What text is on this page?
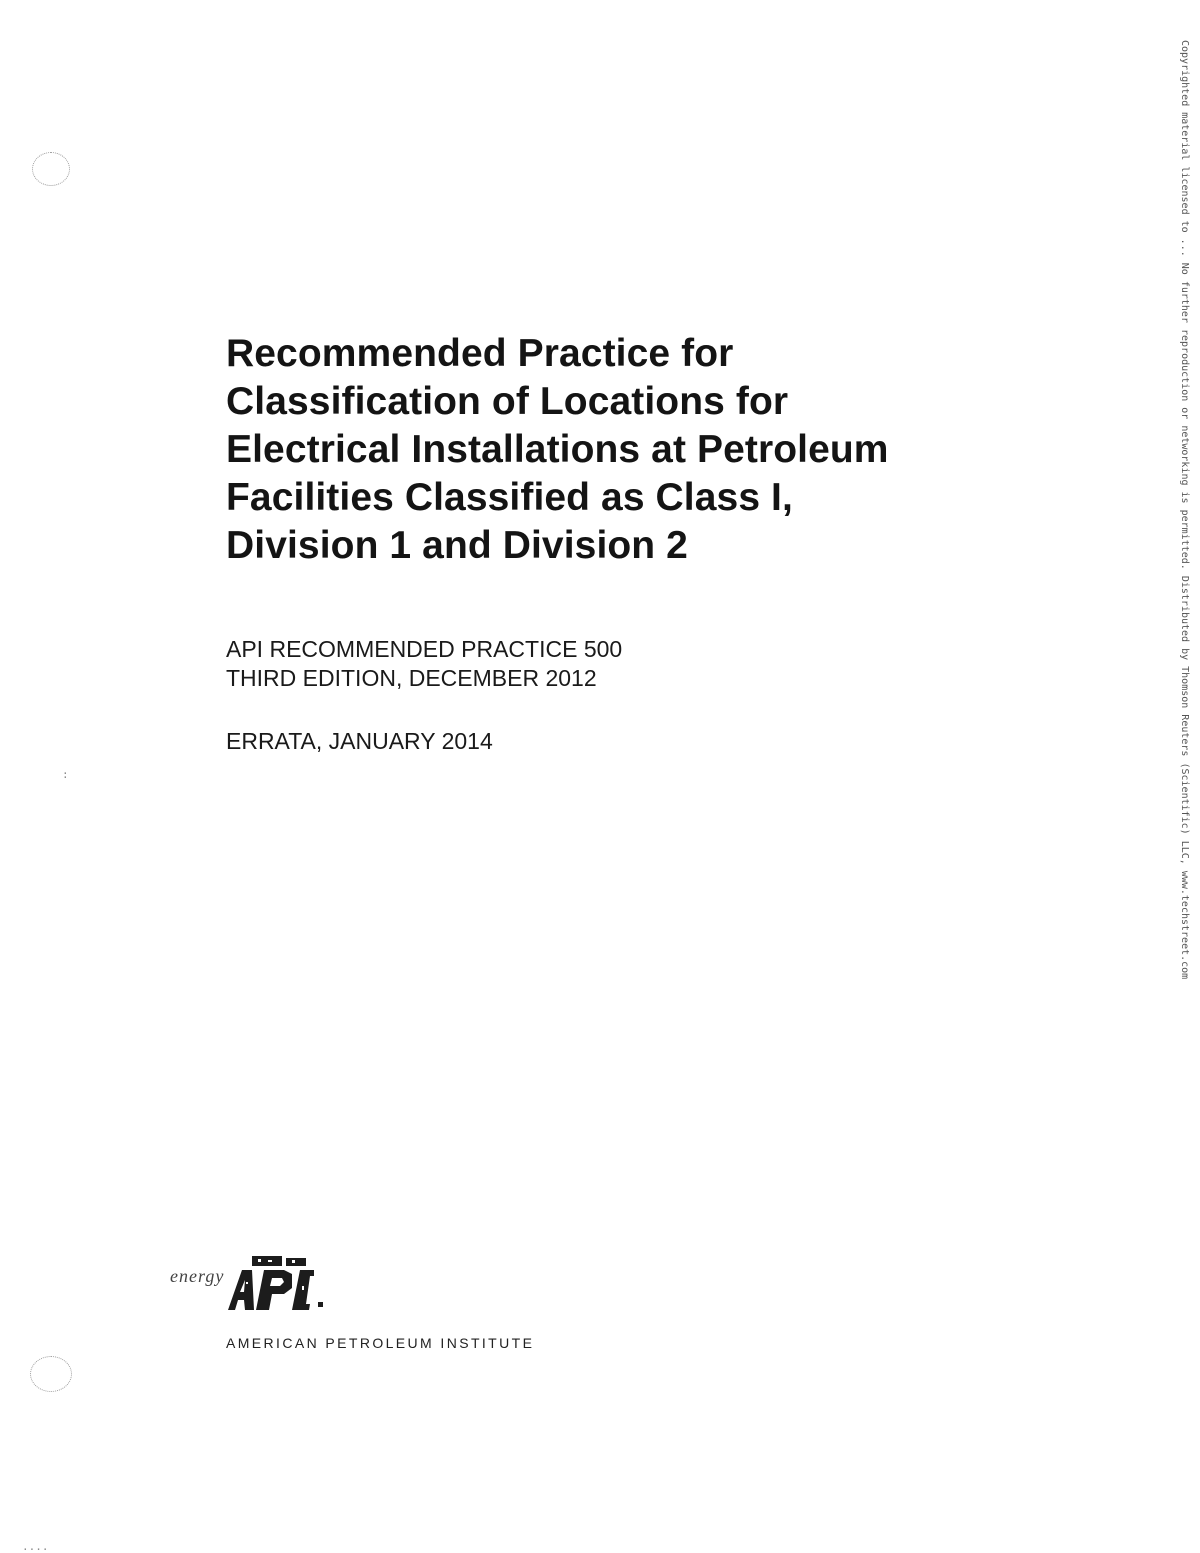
:
....
Recommended Practice for
Classification of Locations for
Electrical Installations at Petroleum
Facilities Classified as Class I,
Division 1 and Division 2
API RECOMMENDED PRACTICE 500
THIRD EDITION, DECEMBER 2012
ERRATA, JANUARY 2014
energy
AMERICAN PETROLEUM INSTITUTE
Copyrighted material licensed to ... No further reproduction or networking is permitted. Distributed by Thomson Reuters (Scientific) LLC, www.techstreet.com
